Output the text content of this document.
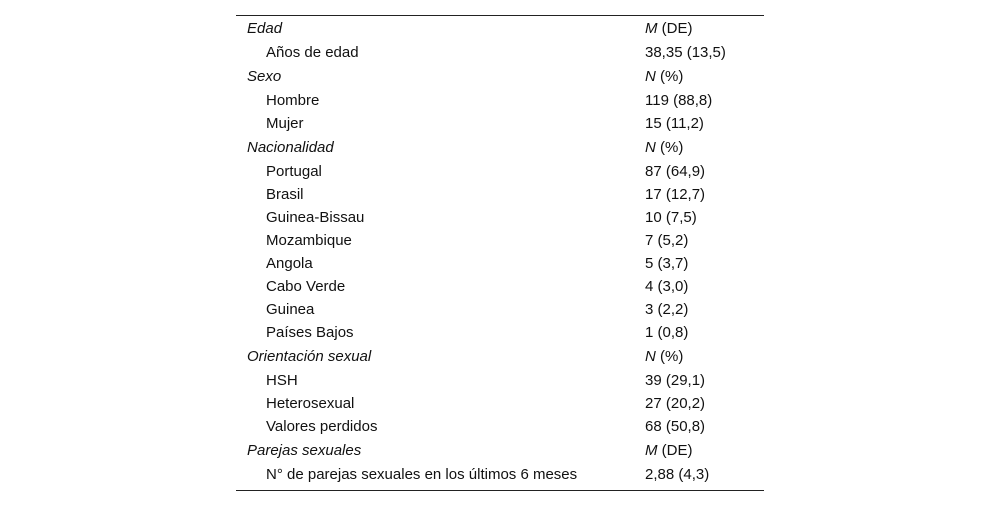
Edad	M (DE)
Años de edad	38,35 (13,5)
Sexo	N (%)
Hombre	119 (88,8)
Mujer	15 (11,2)
Nacionalidad	N (%)
Portugal	87 (64,9)
Brasil	17 (12,7)
Guinea-Bissau	10 (7,5)
Mozambique	7 (5,2)
Angola	5 (3,7)
Cabo Verde	4 (3,0)
Guinea	3 (2,2)
Países Bajos	1 (0,8)
Orientación sexual	N (%)
HSH	39 (29,1)
Heterosexual	27 (20,2)
Valores perdidos	68 (50,8)
Parejas sexuales	M (DE)
N° de parejas sexuales en los últimos 6 meses	2,88 (4,3)
